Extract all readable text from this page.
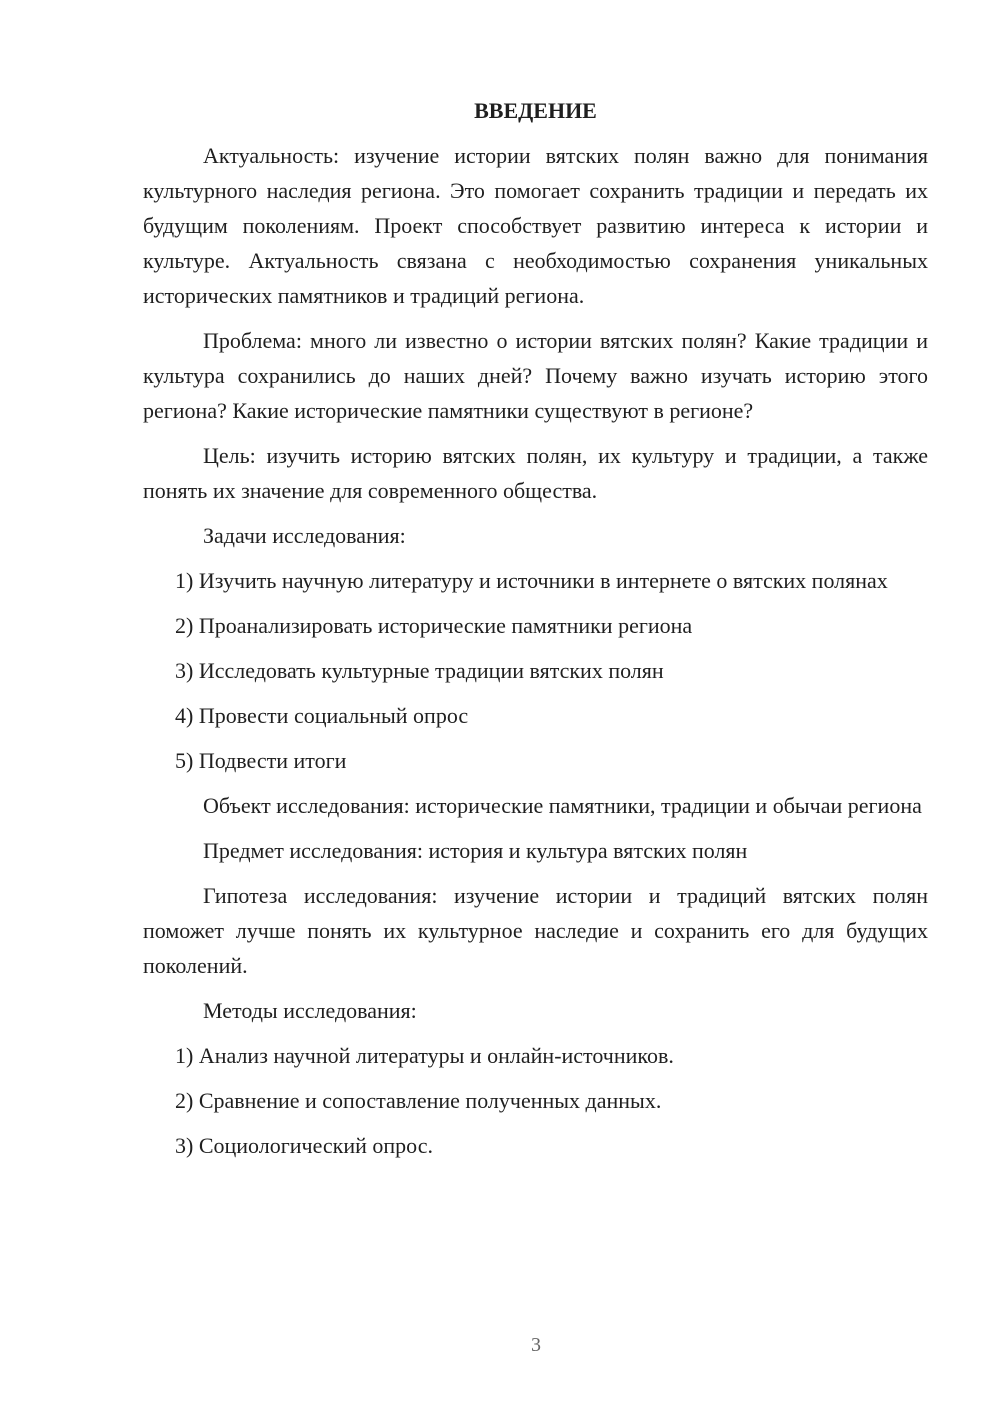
ВВЕДЕНИЕ

Актуальность: изучение истории вятских полян важно для понимания культурного наследия региона. Это помогает сохранить традиции и передать их будущим поколениям. Проект способствует развитию интереса к истории и культуре. Актуальность связана с необходимостью сохранения уникальных исторических памятников и традиций региона.

Проблема: много ли известно о истории вятских полян? Какие традиции и культура сохранились до наших дней? Почему важно изучать историю этого региона? Какие исторические памятники существуют в регионе?

Цель: изучить историю вятских полян, их культуру и традиции, а также понять их значение для современного общества.

Задачи исследования:

1) Изучить научную литературу и источники в интернете о вятских полянах

2) Проанализировать исторические памятники региона

3) Исследовать культурные традиции вятских полян

4) Провести социальный опрос

5) Подвести итоги

Объект исследования: исторические памятники, традиции и обычаи региона

Предмет исследования: история и культура вятских полян

Гипотеза исследования: изучение истории и традиций вятских полян поможет лучше понять их культурное наследие и сохранить его для будущих поколений.

Методы исследования:

1) Анализ научной литературы и онлайн-источников.

2) Сравнение и сопоставление полученных данных.

3) Социологический опрос.

3
